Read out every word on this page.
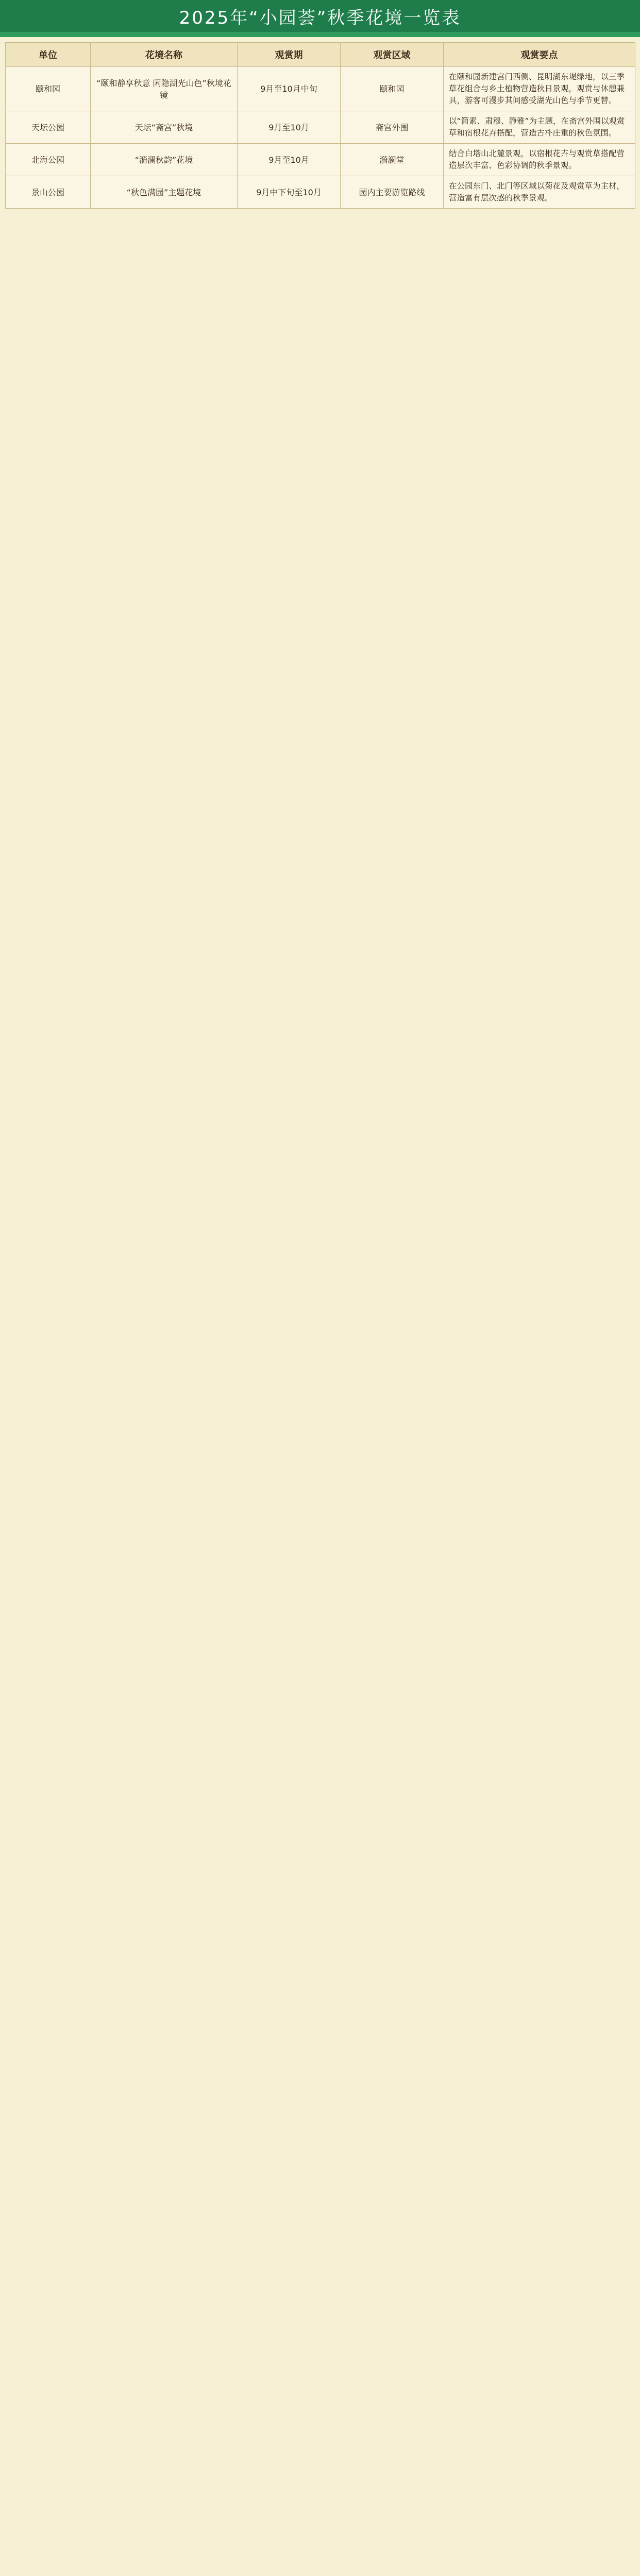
2025年“小园荟”秋季花境一览表
单位	花境名称	观赏期	观赏区域	观赏要点
颐和园	“颐和静享秋意 闲隐湖光山色”秋境花镜	9月至10月中旬	颐和园	在颐和园新建宫门西侧、昆明湖东堤绿地，以三季草花组合与乡土植物营造秋日景观，观赏与休憩兼具，游客可漫步其间感受湖光山色与季节更替。
天坛公园	天坛“斋宫”秋境	9月至10月	斋宫外围	以“简素、肃穆、静雅”为主题，在斋宫外围以观赏草和宿根花卉搭配，营造古朴庄重的秋色氛围。
北海公园	“漪澜秋韵”花境	9月至10月	漪澜堂	结合白塔山北麓景观，以宿根花卉与观赏草搭配营造层次丰富、色彩协调的秋季景观。
景山公园	“秋色满园”主题花境	9月中下旬至10月	园内主要游览路线	在公园东门、北门等区域以菊花及观赏草为主材，营造富有层次感的秋季景观。
